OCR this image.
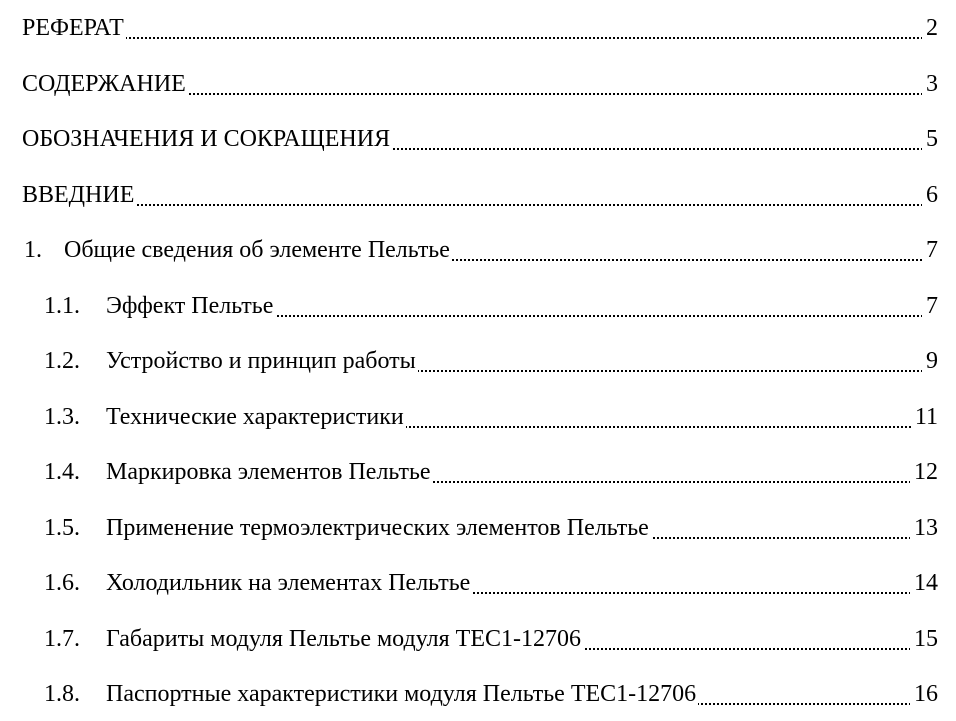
РЕФЕРАТ	2
СОДЕРЖАНИЕ	3
ОБОЗНАЧЕНИЯ И СОКРАЩЕНИЯ	5
ВВЕДНИЕ	6
1. Общие сведения об элементе Пельтье	7
1.1. Эффект Пельтье	7
1.2. Устройство и принцип работы	9
1.3. Технические характеристики	11
1.4. Маркировка элементов Пельтье	12
1.5. Применение термоэлектрических элементов Пельтье	13
1.6. Холодильник на элементах Пельтье	14
1.7. Габариты модуля Пельтье модуля TEC1-12706	15
1.8. Паспортные характеристики модуля Пельтье TEC1-12706	16
